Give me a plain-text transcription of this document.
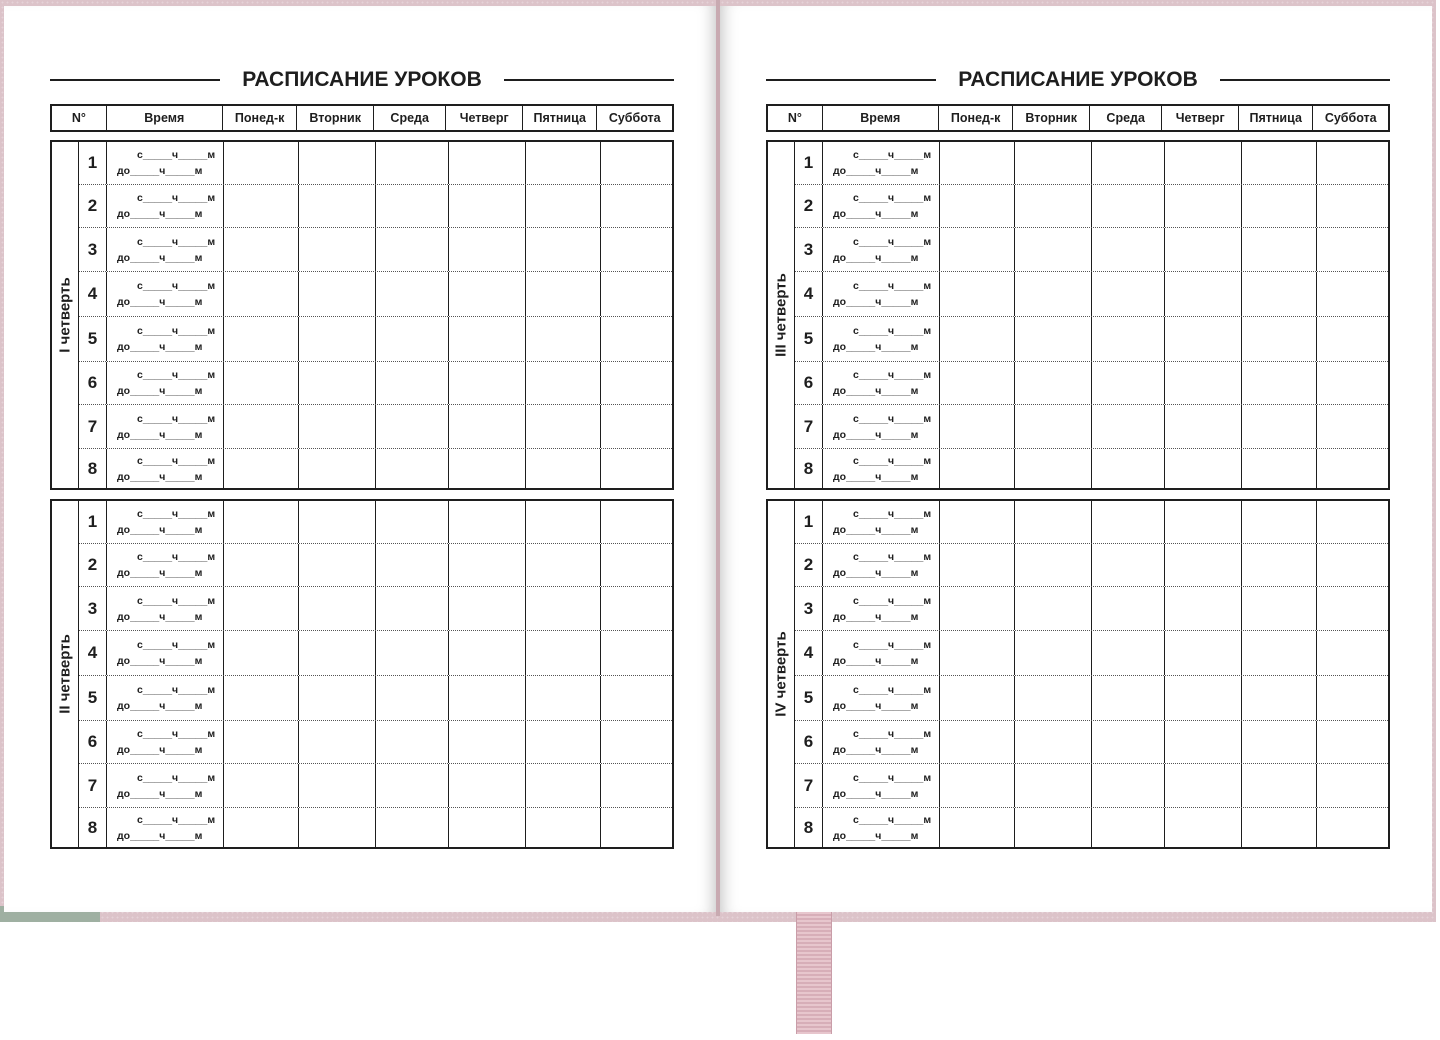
РАСПИСАНИЕ УРОКОВ
N°	Время	Понед-к	Вторник	Среда	Четверг	Пятница	Суббота
I четверть
1	с_____ч_____м
до_____ч_____м
2	с_____ч_____м
до_____ч_____м
3	с_____ч_____м
до_____ч_____м
4	с_____ч_____м
до_____ч_____м
5	с_____ч_____м
до_____ч_____м
6	с_____ч_____м
до_____ч_____м
7	с_____ч_____м
до_____ч_____м
8	с_____ч_____м
до_____ч_____м
II четверть
1	с_____ч_____м
до_____ч_____м
2	с_____ч_____м
до_____ч_____м
3	с_____ч_____м
до_____ч_____м
4	с_____ч_____м
до_____ч_____м
5	с_____ч_____м
до_____ч_____м
6	с_____ч_____м
до_____ч_____м
7	с_____ч_____м
до_____ч_____м
8	с_____ч_____м
до_____ч_____м
РАСПИСАНИЕ УРОКОВ
N°	Время	Понед-к	Вторник	Среда	Четверг	Пятница	Суббота
III четверть
1	с_____ч_____м
до_____ч_____м
2	с_____ч_____м
до_____ч_____м
3	с_____ч_____м
до_____ч_____м
4	с_____ч_____м
до_____ч_____м
5	с_____ч_____м
до_____ч_____м
6	с_____ч_____м
до_____ч_____м
7	с_____ч_____м
до_____ч_____м
8	с_____ч_____м
до_____ч_____м
IV четверть
1	с_____ч_____м
до_____ч_____м
2	с_____ч_____м
до_____ч_____м
3	с_____ч_____м
до_____ч_____м
4	с_____ч_____м
до_____ч_____м
5	с_____ч_____м
до_____ч_____м
6	с_____ч_____м
до_____ч_____м
7	с_____ч_____м
до_____ч_____м
8	с_____ч_____м
до_____ч_____м
